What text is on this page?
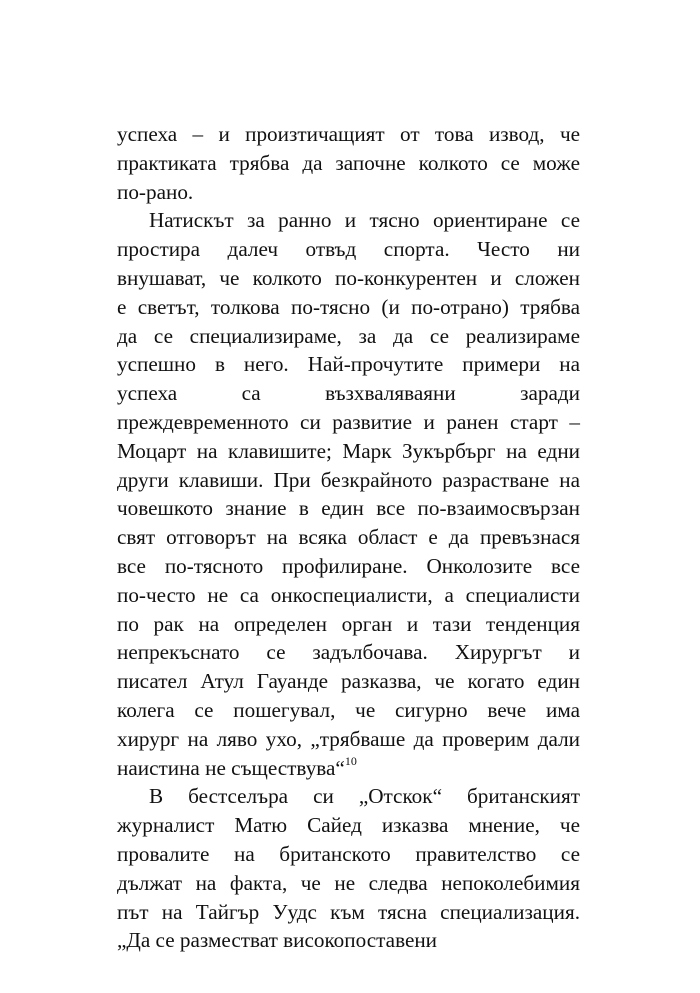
успеха – и произтичащият от това извод, че
практиката трябва да започне колкото се може
по-рано.
Натискът за ранно и тясно ориентиране се
простира далеч отвъд спорта. Често ни
внушават, че колкото по-конкурентен и сложен
е светът, толкова по-тясно (и по-отрано) трябва
да се специализираме, за да се реализираме
успешно в него. Най-прочутите примери на
успеха са възхваляваяни заради
преждевременното си развитие и ранен старт –
Моцарт на клавишите; Марк Зукърбърг на едни
други клавиши. При безкрайното разрастване на
човешкото знание в един все по-взаимосвързан
свят отговорът на всяка област е да превъзнася
все по-тясното профилиране. Онколозите все
по-често не са онкоспециалисти, а специалисти
по рак на определен орган и тази тенденция
непрекъснато се задълбочава. Хирургът и
писател Атул Гауанде разказва, че когато един
колега се пошегувал, че сигурно вече има
хирург на ляво ухо, „трябваше да проверим дали
наистина не съществува“$^{10}$
В бестселъра си „Отскок“ британският
журналист Матю Сайед изказва мнение, че
провалите на британското правителство се
дължат на факта, че не следва непоколебимия
път на Тайгър Уудс към тясна специализация.
„Да се разместват високопоставени
